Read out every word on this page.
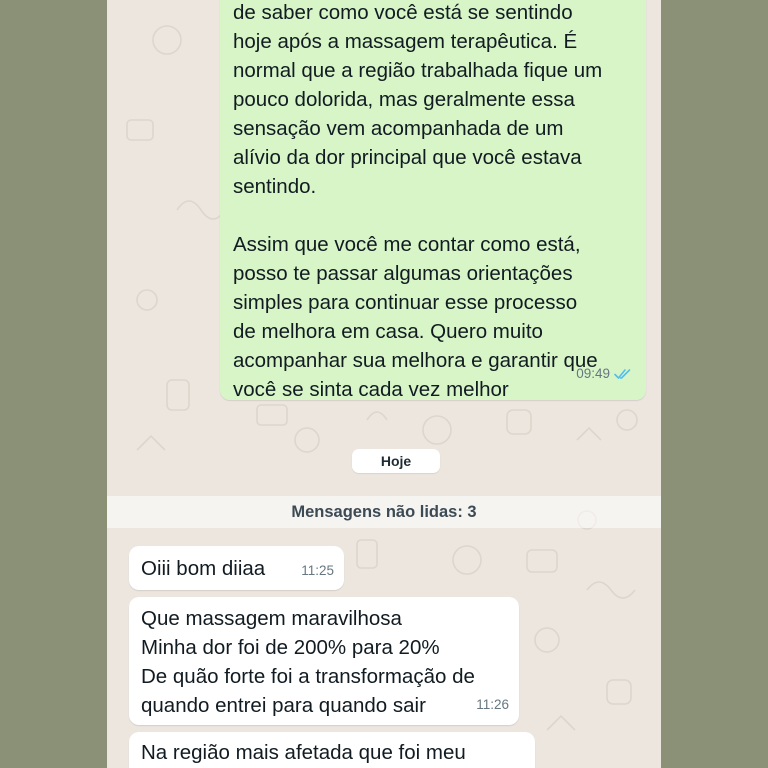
de saber como você está se sentindo
hoje após a massagem terapêutica. É
normal que a região trabalhada fique um
pouco dolorida, mas geralmente essa
sensação vem acompanhada de um
alívio da dor principal que você estava
sentindo.
Assim que você me contar como está,
posso te passar algumas orientações
simples para continuar esse processo
de melhora em casa. Quero muito
acompanhar sua melhora e garantir que
você se sinta cada vez melhor
09:49
Hoje
Mensagens não lidas: 3
Oiii bom diiaa	11:25
Que massagem maravilhosa
Minha dor foi de 200% para 20%
De quão forte foi a transformação de
quando entrei para quando sair	11:26
Na região mais afetada que foi meu
